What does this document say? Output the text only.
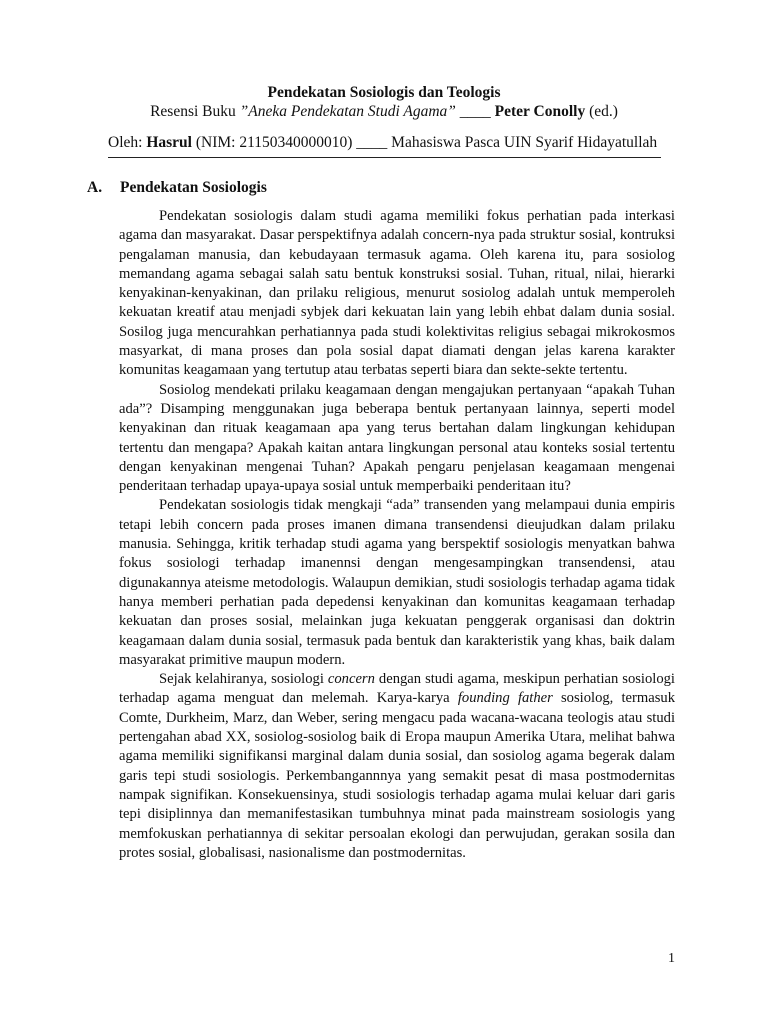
Pendekatan Sosiologis dan Teologis
Resensi Buku ”Aneka Pendekatan Studi Agama” ____ Peter Conolly (ed.)
Oleh: Hasrul (NIM: 21150340000010) ____ Mahasiswa Pasca UIN Syarif Hidayatullah
A. Pendekatan Sosiologis

Pendekatan sosiologis dalam studi agama memiliki fokus perhatian pada interkasi agama dan masyarakat. Dasar perspektifnya adalah concern-nya pada struktur sosial, kontruksi pengalaman manusia, dan kebudayaan termasuk agama. Oleh karena itu, para sosiolog memandang agama sebagai salah satu bentuk konstruksi sosial. Tuhan, ritual, nilai, hierarki kenyakinan-kenyakinan, dan prilaku religious, menurut sosiolog adalah untuk memperoleh kekuatan kreatif atau menjadi sybjek dari kekuatan lain yang lebih ehbat dalam dunia sosial. Sosilog juga mencurahkan perhatiannya pada studi kolektivitas religius sebagai mikrokosmos masyarkat, di mana proses dan pola sosial dapat diamati dengan jelas karena karakter komunitas keagamaan yang tertutup atau terbatas seperti biara dan sekte-sekte tertentu.

Sosiolog mendekati prilaku keagamaan dengan mengajukan pertanyaan “apakah Tuhan ada”? Disamping menggunakan juga beberapa bentuk pertanyaan lainnya, seperti model kenyakinan dan rituak keagamaan apa yang terus bertahan dalam lingkungan kehidupan tertentu dan mengapa? Apakah kaitan antara lingkungan personal atau konteks sosial tertentu dengan kenyakinan mengenai Tuhan? Apakah pengaru penjelasan keagamaan mengenai penderitaan terhadap upaya-upaya sosial untuk memperbaiki penderitaan itu?

Pendekatan sosiologis tidak mengkaji “ada” transenden yang melampaui dunia empiris tetapi lebih concern pada proses imanen dimana transendensi dieujudkan dalam prilaku manusia. Sehingga, kritik terhadap studi agama yang berspektif sosiologis menyatkan bahwa fokus sosiologi terhadap imanennsi dengan mengesampingkan transendensi, atau digunakannya ateisme metodologis. Walaupun demikian, studi sosiologis terhadap agama tidak hanya memberi perhatian pada depedensi kenyakinan dan komunitas keagamaan terhadap kekuatan dan proses sosial, melainkan juga kekuatan penggerak organisasi dan doktrin keagamaan dalam dunia sosial, termasuk pada bentuk dan karakteristik yang khas, baik dalam masyarakat primitive maupun modern.

Sejak kelahiranya, sosiologi concern dengan studi agama, meskipun perhatian sosiologi terhadap agama menguat dan melemah. Karya-karya founding father sosiolog, termasuk Comte, Durkheim, Marz, dan Weber, sering mengacu pada wacana-wacana teologis atau studi pertengahan abad XX, sosiolog-sosiolog baik di Eropa maupun Amerika Utara, melihat bahwa agama memiliki signifikansi marginal dalam dunia sosial, dan sosiolog agama begerak dalam garis tepi studi sosiologis. Perkembangannnya yang semakit pesat di masa postmodernitas nampak signifikan. Konsekuensinya, studi sosiologis terhadap agama mulai keluar dari garis tepi disiplinnya dan memanifestasikan tumbuhnya minat pada mainstream sosiologis yang memfokuskan perhatiannya di sekitar persoalan ekologi dan perwujudan, gerakan sosila dan protes sosial, globalisasi, nasionalisme dan postmodernitas.

1
